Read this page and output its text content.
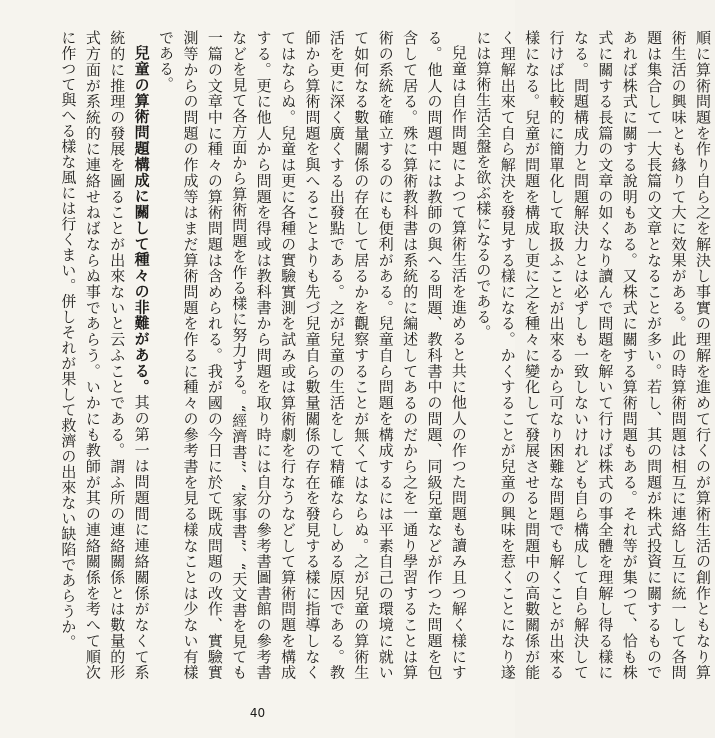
順に算術問題を作り自ら之を解決し事實の理解を進めて行くのが算術生活の創作ともなり算術生活の興味とも緣りて大に效果がある。此の時算術問題は相互に連絡し互に統一して各問題は集合して一大長篇の文章となることが多い。若し、其の問題が株式投資に關するものであれば株式に關する說明もある。又株式に關する算術問題もある。それ等が集つて、恰も株式に關する長篇の文章の如くなり讀んで問題を解いて行けば株式の事全體を理解し得る樣になる。問題構成力と問題解決力とは必ずしも一致しないけれども自ら構成して自ら解決して行けば比較的に簡單化して取扱ふことが出來るから可なり困難な問題でも解くことが出來る樣になる。兒童が問題を構成し更に之を種々に變化して發展させると問題中の高數關係が能く理解出來て自ら解決を發見する樣になる。かくすることが兒童の興味を惹くことになり遂には算術生活全盤を欲ぶ樣になるのである。

兒童は自作問題によつて算術生活を進めると共に他人の作つた問題も讀み且つ解く樣にする。他人の問題中には教師の與へる問題、教科書中の問題、同級兒童などが作つた問題を包含して居る。殊に算術教科書は系統的に編述してあるのだから之を一通り學習することは算術の系統を確立するのにも便利がある。兒童自ら問題を構成するには平素自己の環境に就いて如何なる數量關係の存在して居るかを觀察することが無くてはならぬ。之が兒童の算術生活を更に深く廣くする出發點である。之が兒童の生活をして精確ならしめる原因である。教師から算術問題を與へることよりも先づ兒童自ら數量關係の存在を發見する樣に指導しなくてはならぬ。兒童は更に各種の實驗實測を試み或は算術劇を行なうなどして算術問題を構成する。更に他人から問題を得或は教科書から問題を取り時には自分の參考書圖書館の參考書などを見て各方面から算術問題を作る樣に努力する。“經濟書”、“家事書”、“天文書を見ても一篇の文章中に種々の算術問題は含められる。我が國の今日に於て既成問題の改作、實驗實測等からの問題の作成等はまだ算術問題を作るに種々の參考書を見る樣なことは少ない有樣である。

兒童の算術問題構成に關して種々の非難がある。其の第一は問題間に連絡關係がなくて系統的に推理の發展を圖ることが出來ないと云ふことである。謂ふ所の連絡關係とは數量的形式方面が系統的に連絡せねばならぬ事であらう。いかにも教師が其の連絡關係を考へて順次に作つて與へる樣な風には行くまい。併しそれが果して救濟の出來ない缺陷であらうか。

40
